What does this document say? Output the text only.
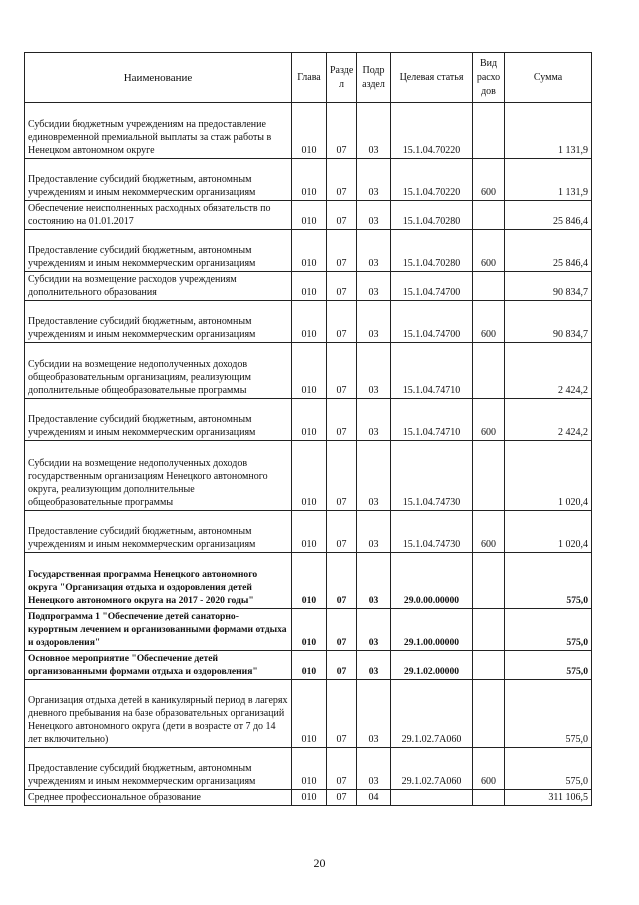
Наименование	Глава	Разде л	Подр аздел	Целевая статья	Вид расхо дов	Сумма
Субсидии бюджетным учреждениям на предоставление единовременной премиальной выплаты за стаж работы в Ненецком автономном округе	010	07	03	15.1.04.70220		1 131,9
Предоставление субсидий бюджетным, автономным учреждениям и иным некоммерческим организациям	010	07	03	15.1.04.70220	600	1 131,9
Обеспечение неисполненных расходных обязательств по состоянию на 01.01.2017	010	07	03	15.1.04.70280		25 846,4
Предоставление субсидий бюджетным, автономным учреждениям и иным некоммерческим организациям	010	07	03	15.1.04.70280	600	25 846,4
Субсидии на возмещение расходов учреждениям дополнительного образования	010	07	03	15.1.04.74700		90 834,7
Предоставление субсидий бюджетным, автономным учреждениям и иным некоммерческим организациям	010	07	03	15.1.04.74700	600	90 834,7
Субсидии на возмещение недополученных доходов общеобразовательным организациям, реализующим дополнительные общеобразовательные программы	010	07	03	15.1.04.74710		2 424,2
Предоставление субсидий бюджетным, автономным учреждениям и иным некоммерческим организациям	010	07	03	15.1.04.74710	600	2 424,2
Субсидии на возмещение недополученных доходов государственным организациям Ненецкого автономного округа, реализующим дополнительные общеобразовательные программы	010	07	03	15.1.04.74730		1 020,4
Предоставление субсидий бюджетным, автономным учреждениям и иным некоммерческим организациям	010	07	03	15.1.04.74730	600	1 020,4
Государственная программа Ненецкого автономного округа "Организация отдыха и оздоровления детей Ненецкого автономного округа на 2017 - 2020 годы"	010	07	03	29.0.00.00000		575,0
Подпрограмма 1 "Обеспечение детей санаторно-курортным лечением и организованными формами отдыха и оздоровления"	010	07	03	29.1.00.00000		575,0
Основное мероприятие "Обеспечение детей организованными формами отдыха и оздоровления"	010	07	03	29.1.02.00000		575,0
Организация отдыха детей в каникулярный период в лагерях дневного пребывания на базе образовательных организаций Ненецкого автономного округа (дети в возрасте от 7 до 14 лет включительно)	010	07	03	29.1.02.7А060		575,0
Предоставление субсидий бюджетным, автономным учреждениям и иным некоммерческим организациям	010	07	03	29.1.02.7А060	600	575,0
Среднее профессиональное образование	010	07	04			311 106,5
20
